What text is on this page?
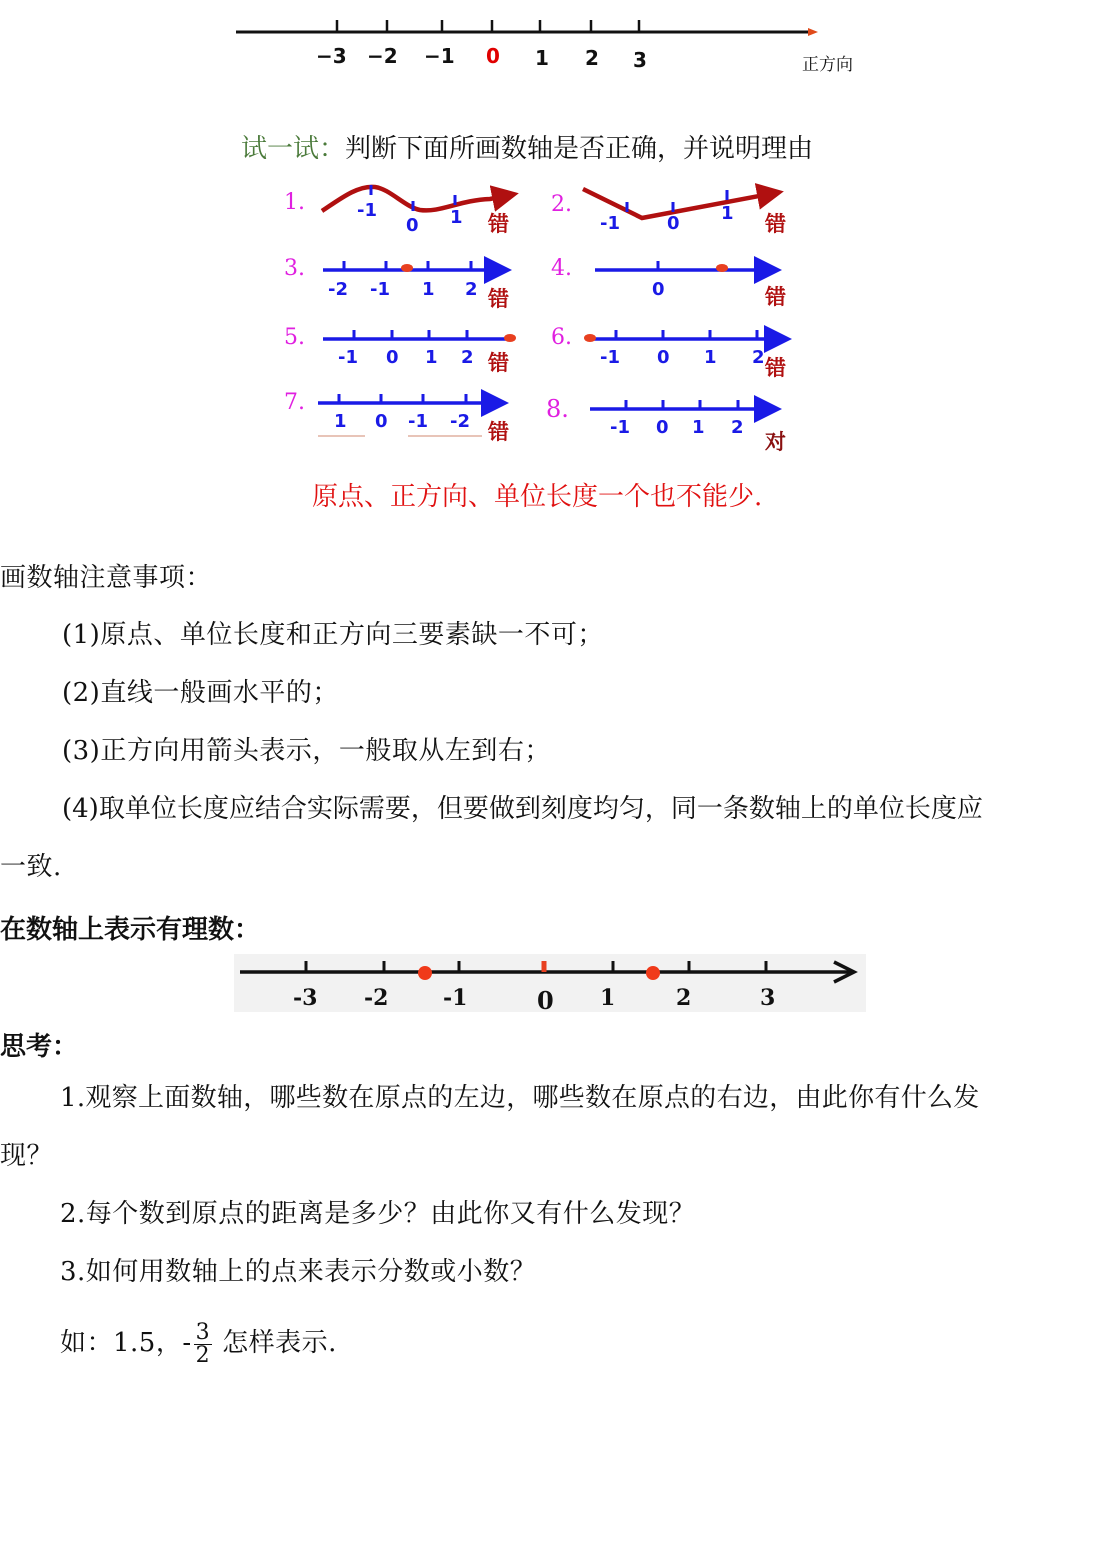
−3 −2 −1 0 1 2 3	正方向
试一试：判断下面所画数轴是否正确，并说明理由
1.	2.
3.	4.
5.	6.
7.	8.
-1
0 1	-1	0 1
-2 -1 1 2	0
-1 0 1 2	-1 0 1 2
1 0 -1 -2	-1 0 1 2
错	错
错	错
错	错
错	对
原点、正方向、单位长度一个也不能少.
画数轴注意事项：
(1)原点、单位长度和正方向三要素缺一不可；
(2)直线一般画水平的；
(3)正方向用箭头表示，一般取从左到右；
(4)取单位长度应结合实际需要，但要做到刻度均匀，同一条数轴上的单位长度应
一致.
在数轴上表示有理数：
-3 -2 -1	0 1	2	3
思考：
1.观察上面数轴，哪些数在原点的左边，哪些数在原点的右边，由此你有什么发
现？
2.每个数到原点的距离是多少？由此你又有什么发现？
3.如何用数轴上的点来表示分数或小数？
如：1.5，- $\frac{3}{2}$ 怎样表示.
